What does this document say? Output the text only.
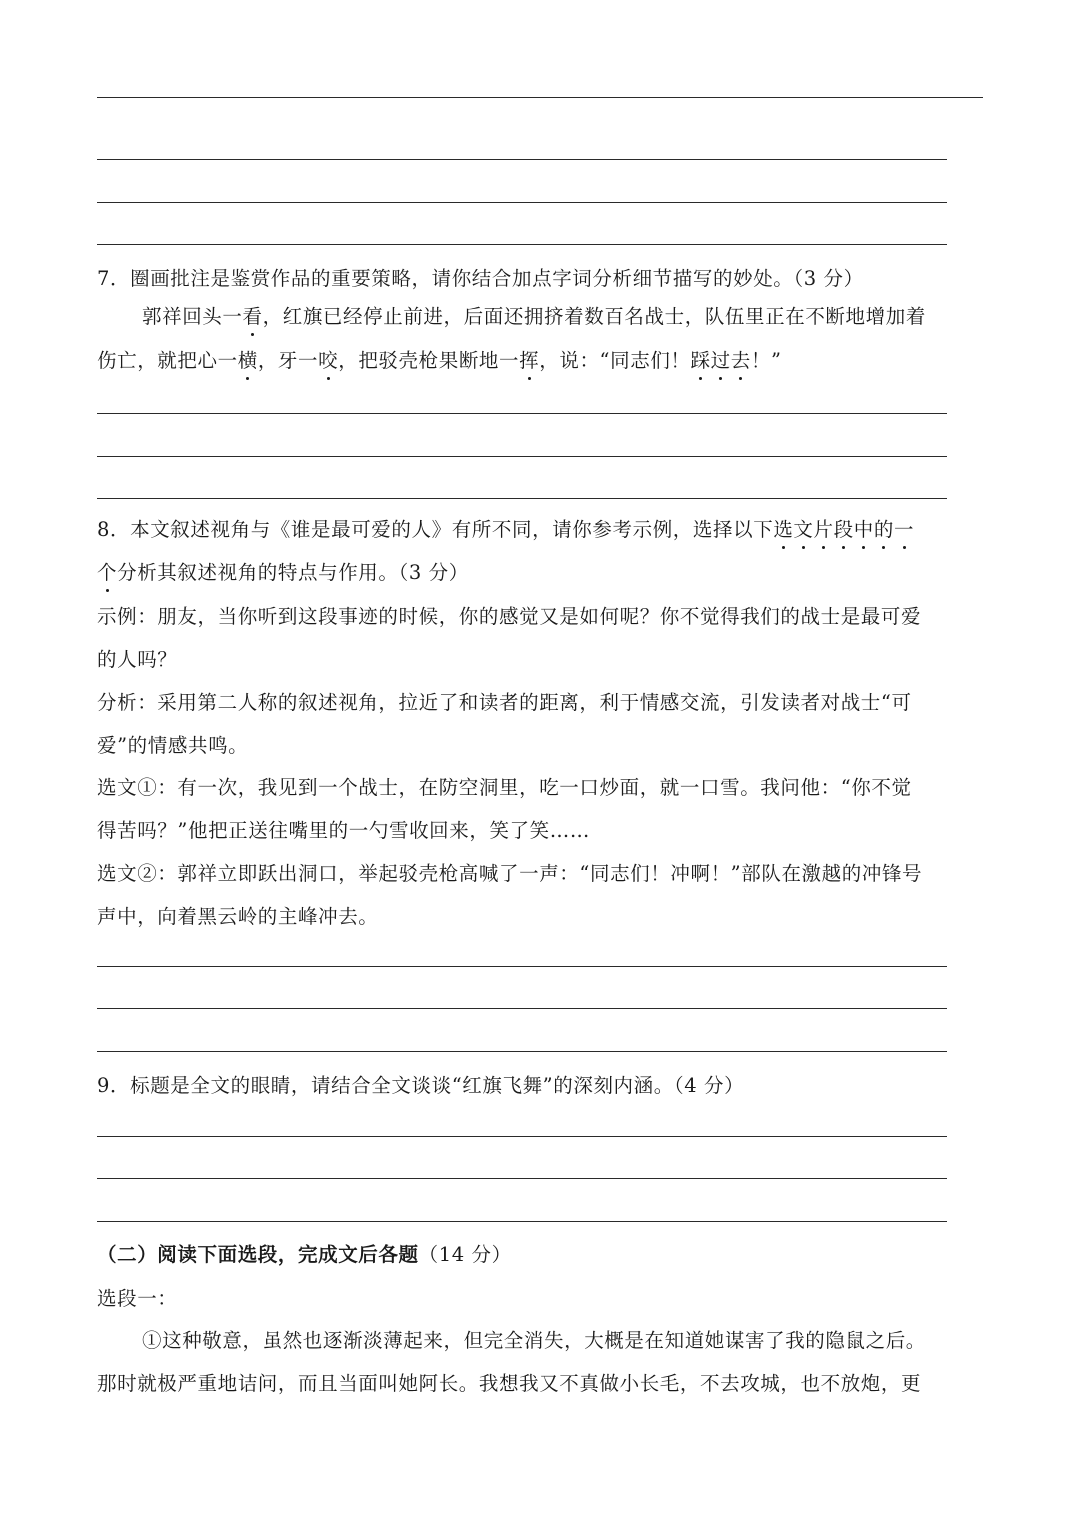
7．圈画批注是鉴赏作品的重要策略，请你结合加点字词分析细节描写的妙处。（3 分）
郭祥回头一看，红旗已经停止前进，后面还拥挤着数百名战士，队伍里正在不断地增加着
伤亡，就把心一横，牙一咬，把驳壳枪果断地一挥，说：“同志们！踩过去！”
8．本文叙述视角与《谁是最可爱的人》有所不同，请你参考示例，选择以下选文片段中的一
个分析其叙述视角的特点与作用。（3 分）
示例：朋友，当你听到这段事迹的时候，你的感觉又是如何呢？你不觉得我们的战士是最可爱
的人吗？
分析：采用第二人称的叙述视角，拉近了和读者的距离，利于情感交流，引发读者对战士“可
爱”的情感共鸣。
选文①：有一次，我见到一个战士，在防空洞里，吃一口炒面，就一口雪。我问他：“你不觉
得苦吗？”他把正送往嘴里的一勺雪收回来，笑了笑……
选文②：郭祥立即跃出洞口，举起驳壳枪高喊了一声：“同志们！冲啊！”部队在激越的冲锋号
声中，向着黑云岭的主峰冲去。
9．标题是全文的眼睛，请结合全文谈谈“红旗飞舞”的深刻内涵。（4 分）
（二）阅读下面选段，完成文后各题（14 分）
选段一：
①这种敬意，虽然也逐渐淡薄起来，但完全消失，大概是在知道她谋害了我的隐鼠之后。
那时就极严重地诘问，而且当面叫她阿长。我想我又不真做小长毛，不去攻城，也不放炮，更
